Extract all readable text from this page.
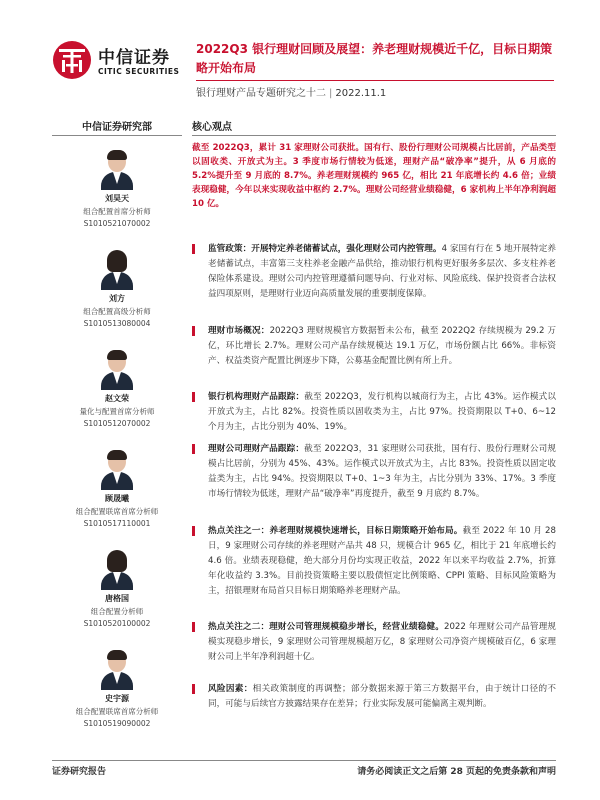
中信证券
CITIC SECURITIES
2022Q3 银行理财回顾及展望：养老理财规模近千亿，目标日期策略开始布局
银行理财产品专题研究之十二 | 2022.11.1
中信证券研究部
刘昊天
组合配置首席分析师
S1010521070002
刘方
组合配置高级分析师
S1010513080004
赵文荣
量化与配置首席分析师
S1010512070002
顾晟曦
组合配置联席首席分析师
S1010517110001
唐格国
组合配置分析师
S1010520100002
史宇源
组合配置联席首席分析师
S1010519090002
核心观点
截至 2022Q3，累计 31 家理财公司获批。国有行、股份行理财公司规模占比居前，产品类型以固收类、开放式为主。3 季度市场行情较为低迷，理财产品“破净率”提升，从 6 月底的 5.2%提升至 9 月底的 8.7%。养老理财规模约 965 亿，相比 21 年底增长约 4.6 倍；业绩表现稳健，今年以来实现收益中枢约 2.7%。理财公司经营业绩稳健，6 家机构上半年净利润超 10 亿。

监管政策：开展特定养老储蓄试点，强化理财公司内控管理。4 家国有行在 5 地开展特定养老储蓄试点，丰富第三支柱养老金融产品供给，推动银行机构更好服务多层次、多支柱养老保险体系建设。理财公司内控管理遵循问题导向、行业对标、风险底线、保护投资者合法权益四项原则，是理财行业迈向高质量发展的重要制度保障。

理财市场概况：2022Q3 理财规模官方数据暂未公布，截至 2022Q2 存续规模为 29.2 万亿，环比增长 2.7%。理财公司产品存续规模达 19.1 万亿，市场份额占比 66%。非标资产、权益类资产配置比例逐步下降，公募基金配置比例有所上升。

银行机构理财产品跟踪：截至 2022Q3，发行机构以城商行为主，占比 43%。运作模式以开放式为主，占比 82%。投资性质以固收类为主，占比 97%。投资期限以 T+0、6~12 个月为主，占比分别为 40%、19%。

理财公司理财产品跟踪：截至 2022Q3，31 家理财公司获批，国有行、股份行理财公司规模占比居前，分别为 45%、43%。运作模式以开放式为主，占比 83%。投资性质以固定收益类为主，占比 94%。投资期限以 T+0、1~3 年为主，占比分别为 33%、17%。3 季度市场行情较为低迷，理财产品“破净率”再度提升，截至 9 月底约 8.7%。

热点关注之一：养老理财规模快速增长，目标日期策略开始布局。截至 2022 年 10 月 28 日，9 家理财公司存续的养老理财产品共 48 只，规模合计 965 亿，相比于 21 年底增长约 4.6 倍。业绩表现稳健，绝大部分月份均实现正收益，2022 年以来平均收益 2.7%，折算年化收益约 3.3%。目前投资策略主要以股债恒定比例策略、CPPI 策略、目标风险策略为主，招银理财布局首只目标日期策略养老理财产品。

热点关注之二：理财公司管理规模稳步增长，经营业绩稳健。2022 年理财公司产品管理规模实现稳步增长，9 家理财公司管理规模超万亿，8 家理财公司净资产规模破百亿，6 家理财公司上半年净利润超十亿。

风险因素：相关政策制度的再调整；部分数据来源于第三方数据平台，由于统计口径的不同，可能与后续官方披露结果存在差异；行业实际发展可能偏离主观判断。

证券研究报告	请务必阅读正文之后第 28 页起的免责条款和声明
